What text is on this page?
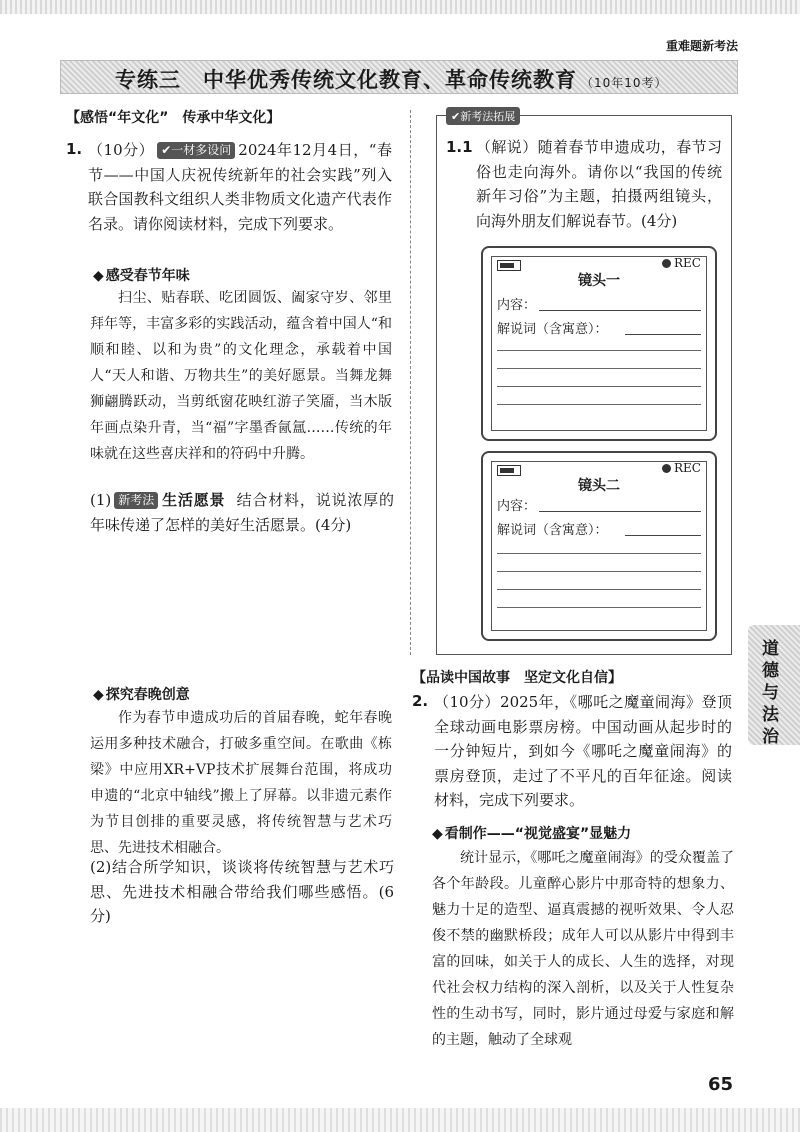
重难题新考法
专练三　中华优秀传统文化教育、革命传统教育 （10年10考）
【感悟“年文化”　传承中华文化】
1. （10分） ✔一材多设问 2024年12月4日，“春节——中国人庆祝传统新年的社会实践”列入联合国教科文组织人类非物质文化遗产代表作名录。请你阅读材料，完成下列要求。
◆ 感受春节年味
扫尘、贴春联、吃团圆饭、阖家守岁、邻里拜年等，丰富多彩的实践活动，蕴含着中国人“和顺和睦、以和为贵”的文化理念，承载着中国人“天人和谐、万物共生”的美好愿景。当舞龙舞狮翩腾跃动，当剪纸窗花映红游子笑靥，当木版年画点染升青，当“福”字墨香氤氲……传统的年味就在这些喜庆祥和的符码中升腾。
(1) 新考法 生活愿景 结合材料，说说浓厚的年味传递了怎样的美好生活愿景。(4分)
◆ 探究春晚创意
作为春节申遗成功后的首届春晚，蛇年春晚运用多种技术融合，打破多重空间。在歌曲《栋梁》中应用XR+VP技术扩展舞台范围，将成功申遗的“北京中轴线”搬上了屏幕。以非遗元素作为节目创排的重要灵感，将传统智慧与艺术巧思、先进技术相融合。
(2)结合所学知识，谈谈将传统智慧与艺术巧思、先进技术相融合带给我们哪些感悟。(6分)
✔新考法拓展
1.1 （解说）随着春节申遗成功，春节习俗也走向海外。请你以“我国的传统新年习俗”为主题，拍摄两组镜头，向海外朋友们解说春节。(4分)
REC
镜头一
内容：
解说词（含寓意）：
REC
镜头二
内容：
解说词（含寓意）：
【品读中国故事　坚定文化自信】
2. （10分）2025年，《哪吒之魔童闹海》登顶全球动画电影票房榜。中国动画从起步时的一分钟短片，到如今《哪吒之魔童闹海》的票房登顶，走过了不平凡的百年征途。阅读材料，完成下列要求。
◆ 看制作——“视觉盛宴”显魅力
统计显示，《哪吒之魔童闹海》的受众覆盖了各个年龄段。儿童醉心影片中那奇特的想象力、魅力十足的造型、逼真震撼的视听效果、令人忍俊不禁的幽默桥段；成年人可以从影片中得到丰富的回味，如关于人的成长、人生的选择，对现代社会权力结构的深入剖析，以及关于人性复杂性的生动书写，同时，影片通过母爱与家庭和解的主题，触动了全球观
道德与法治
65
